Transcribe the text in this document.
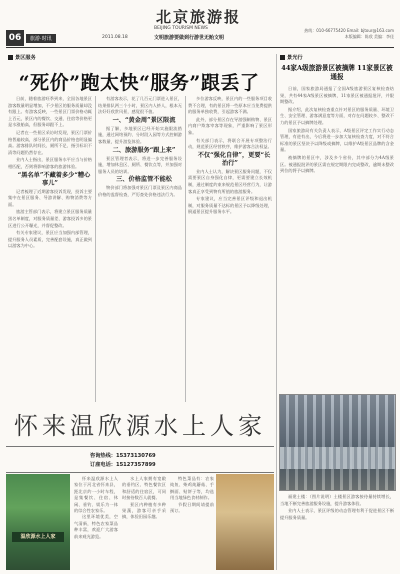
06	旅游·时讯	2011.08.18
北京旅游报
BEIJING TOURISM NEWS
文明旅游要做到行游世无贻文明
热线：010-66775420 Email: bjtour@163.com
本版编辑：陈欣 美编：李佳
景区服务
“死价”跑太快“服务”跟丢了

日前，随着旅游旺季到来，全国各地景区游客数量明显增加，不少景区的服务质量却没有跟上。有游客反映，一些景区门票价格动辄上百元，景区内的餐饮、交通、住宿等价格更是水涨船高，但服务却跟不上。

记者在一些景区采访时发现，景区门票价格普遍较高，部分景区内的商品价格也明显偏高。游客排队时间长、厕所不足、指引标识不清等问题仍然存在。

业内人士指出，景区服务水平应当与价格相匹配，否则将影响游客的旅游体验。

“黑名单”不藏着多少“糟心事儿”

记者梳理了近期游客投诉发现，投诉主要集中在景区服务、导游讲解、购物消费等方面。

旅游主管部门表示，将建立景区服务质量黑名单制度，对服务质量差、游客投诉多的景区进行公开曝光，并督促整改。

有关专家建议，景区应当加强内部管理，提升服务人员素质，完善配套设施，真正做到以游客为中心。

有游客表示，花了几百元门票进入景区，结果排队两三个小时，景区内人挤人，根本无法好好欣赏风景，感觉很不值。

一、“黄金周”景区限流

据了解，多地景区已经开始实施限流措施，通过网络预约、分时段入园等方式控制游客数量，提升游览体验。

二、旅游服务“跟上来”

景区管理者表示，将进一步完善服务设施，增加休息区、厕所、餐饮点等，并加强对服务人员的培训。

三、价格监管不能松

物价部门将加强对景区门票及景区内商品价格的监督检查，严厉查处价格违法行为。

多位游客反映，景区内的一些服务项目收费不合理，有的景区将一些原本应当免费提供的服务单独收费，引起游客不满。

此外，部分景区存在导游强制购物、景区内商户欺客宰客等现象，严重影响了景区形象。

有关部门表示，将联合开展专项整治行动，规范景区经营秩序，维护游客合法权益。

不仅“强化自律”，更要“长治行”

业内人士认为，解决景区服务问题，不仅需要景区自身强化自律，更需要建立长效机制，通过制度约束来规范景区经营行为，让游客真正享受到物有所值的旅游服务。

专家建议，应当完善景区评级和退出机制，对服务质量不达标的景区予以降级处理，倒逼景区提升服务水平。

景光行
44家A级旅游景区被摘牌 11家景区被通报

日前，国家旅游局通报了全国A级旅游景区复核检查结果，共有44家A级景区被摘牌，11家景区被通报批评，并限期整改。

据介绍，此次复核检查重点针对景区的服务质量、环境卫生、安全管理、游客满意度等方面，对存在问题较多、整改不力的景区予以摘牌处理。

国家旅游局有关负责人表示，A级景区评定工作实行动态管理，有进有出，今后将进一步加大复核检查力度，对不符合标准的景区坚决予以降级或摘牌，以维护A级景区品牌的含金量。

被摘牌的景区中，涉及多个省份，其中部分为4A级景区。被通报批评的景区需在规定期限内完成整改，逾期未整改到位的将予以摘牌。

福建土楼：（图片说明）土楼景区游客接待量持续增长，当地不断完善旅游服务设施，提升游客体验。

业内人士表示，景区评级的动态管理有利于促进景区不断提升服务质量。

怀来温欣源水上人家
咨询热线：15373130769
订座电话：15127357899
温欣源水上人家

怀来温欣源水上人家位于河北省怀来县，距北京约一小时车程，是集餐饮、住宿、休闲、垂钓、娱乐为一体的综合性农家乐。

这里环境优美，空气清新，特色农家菜品种丰富，欢迎广大游客前来观光游览。

水上人家拥有宽敞的垂钓区、特色餐饮区和舒适的住宿区，可同时接待数百人就餐。

景区内种植有多种果蔬，游客可亲手采摘，体验田园乐趣。

特色菜品有：农家炖鱼、柴鸡炖蘑菇、手擀面、贴饼子等，均选用当地绿色食材制作。

节假日期间请提前预订。
